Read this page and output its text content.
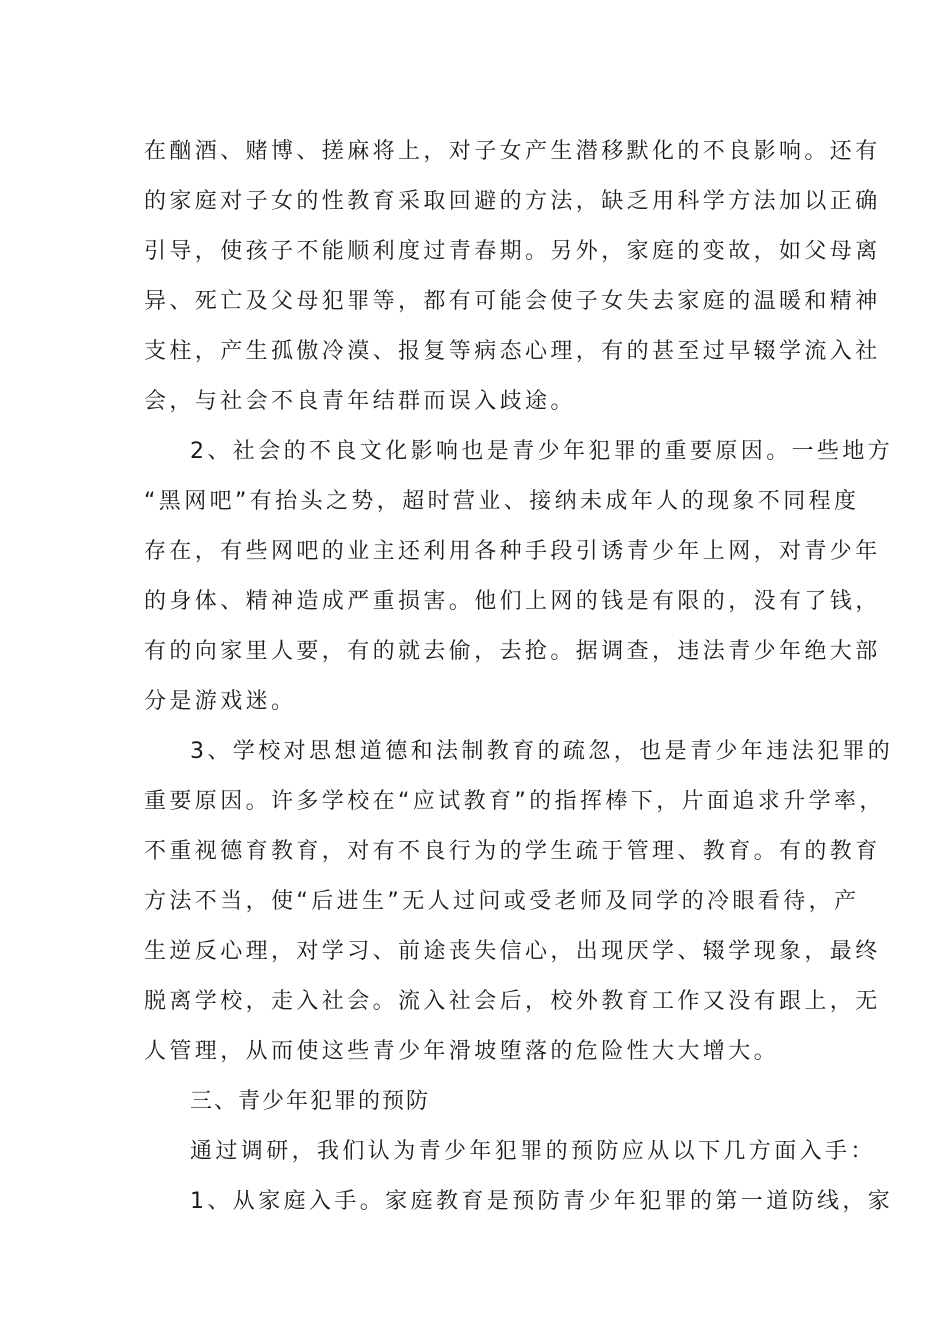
在酗酒、赌博、搓麻将上，对子女产生潜移默化的不良影响。还有
的家庭对子女的性教育采取回避的方法，缺乏用科学方法加以正确
引导，使孩子不能顺利度过青春期。另外，家庭的变故，如父母离
异、死亡及父母犯罪等，都有可能会使子女失去家庭的温暖和精神
支柱，产生孤傲冷漠、报复等病态心理，有的甚至过早辍学流入社
会，与社会不良青年结群而误入歧途。
2、社会的不良文化影响也是青少年犯罪的重要原因。一些地方
“黑网吧”有抬头之势，超时营业、接纳未成年人的现象不同程度
存在，有些网吧的业主还利用各种手段引诱青少年上网，对青少年
的身体、精神造成严重损害。他们上网的钱是有限的，没有了钱，
有的向家里人要，有的就去偷，去抢。据调查，违法青少年绝大部
分是游戏迷。
3、学校对思想道德和法制教育的疏忽，也是青少年违法犯罪的
重要原因。许多学校在“应试教育”的指挥棒下，片面追求升学率，
不重视德育教育，对有不良行为的学生疏于管理、教育。有的教育
方法不当，使“后进生”无人过问或受老师及同学的冷眼看待，产
生逆反心理，对学习、前途丧失信心，出现厌学、辍学现象，最终
脱离学校，走入社会。流入社会后，校外教育工作又没有跟上，无
人管理，从而使这些青少年滑坡堕落的危险性大大增大。
三、青少年犯罪的预防
通过调研，我们认为青少年犯罪的预防应从以下几方面入手：
1、从家庭入手。家庭教育是预防青少年犯罪的第一道防线，家
